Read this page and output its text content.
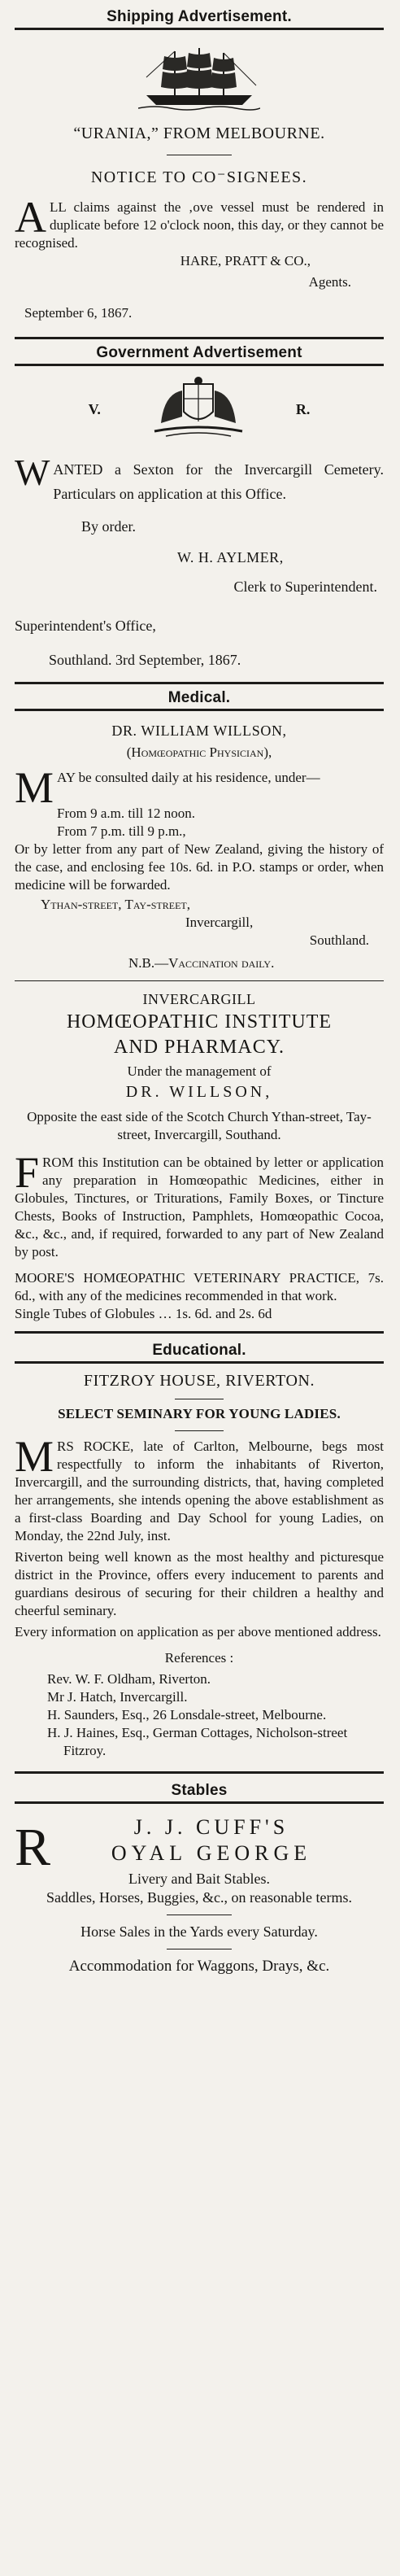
Shipping Advertisement.
“URANIA,” FROM MELBOURNE.
NOTICE TO CO⁻SIGNEES.
ALL claims against the ‚ove vessel must be rendered in duplicate before 12 o'clock noon, this day, or they cannot be recognised.
HARE, PRATT & CO.,
Agents.
September 6, 1867.
Government Advertisement
V.	R.
WANTED a Sexton for the Invercargill Cemetery. Particulars on application at this Office.
By order.
W. H. AYLMER,
Clerk to Superintendent.
Superintendent's Office,
Southland. 3rd September, 1867.
Medical.
DR. WILLIAM WILLSON,
(Homœopathic Physician),
MAY be consulted daily at his residence, under—
From 9 a.m. till 12 noon.
From 7 p.m. till 9 p.m.,
Or by letter from any part of New Zealand, giving the history of the case, and enclosing fee 10s. 6d. in P.O. stamps or order, when medicine will be forwarded.
Ythan-street, Tay-street,
Invercargill,
Southland.
N.B.—Vaccination daily.
INVERCARGILL
HOMŒOPATHIC INSTITUTE
AND PHARMACY.
Under the management of
DR. WILLSON,
Opposite the east side of the Scotch Church Ythan-street, Tay-street, Invercargill, Southand.
FROM this Institution can be obtained by letter or application any preparation in Homœopathic Medicines, either in Globules, Tinctures, or Triturations, Family Boxes, or Tincture Chests, Books of Instruction, Pamphlets, Homœopathic Cocoa, &c., &c., and, if required, forwarded to any part of New Zealand by post.
MOORE'S HOMŒOPATHIC VETERINARY PRACTICE, 7s. 6d., with any of the medicines recommended in that work.
Single Tubes of Globules … 1s. 6d. and 2s. 6d
Educational.
FITZROY HOUSE, RIVERTON.
SELECT SEMINARY FOR YOUNG LADIES.
MRS ROCKE, late of Carlton, Melbourne, begs most respectfully to inform the inhabitants of Riverton, Invercargill, and the surrounding districts, that, having completed her arrangements, she intends opening the above establishment as a first-class Boarding and Day School for young Ladies, on Monday, the 22nd July, inst.
Riverton being well known as the most healthy and picturesque district in the Province, offers every inducement to parents and guardians desirous of securing for their children a healthy and cheerful seminary.
Every information on application as per above mentioned address.
References :
Rev. W. F. Oldham, Riverton.
Mr J. Hatch, Invercargill.
H. Saunders, Esq., 26 Lonsdale-street, Melbourne.
H. J. Haines, Esq., German Cottages, Nicholson-street Fitzroy.
Stables
R	J. J. CUFF'S
OYAL GEORGE
Livery and Bait Stables.
Saddles, Horses, Buggies, &c., on reasonable terms.
Horse Sales in the Yards every Saturday.
Accommodation for Waggons, Drays, &c.
